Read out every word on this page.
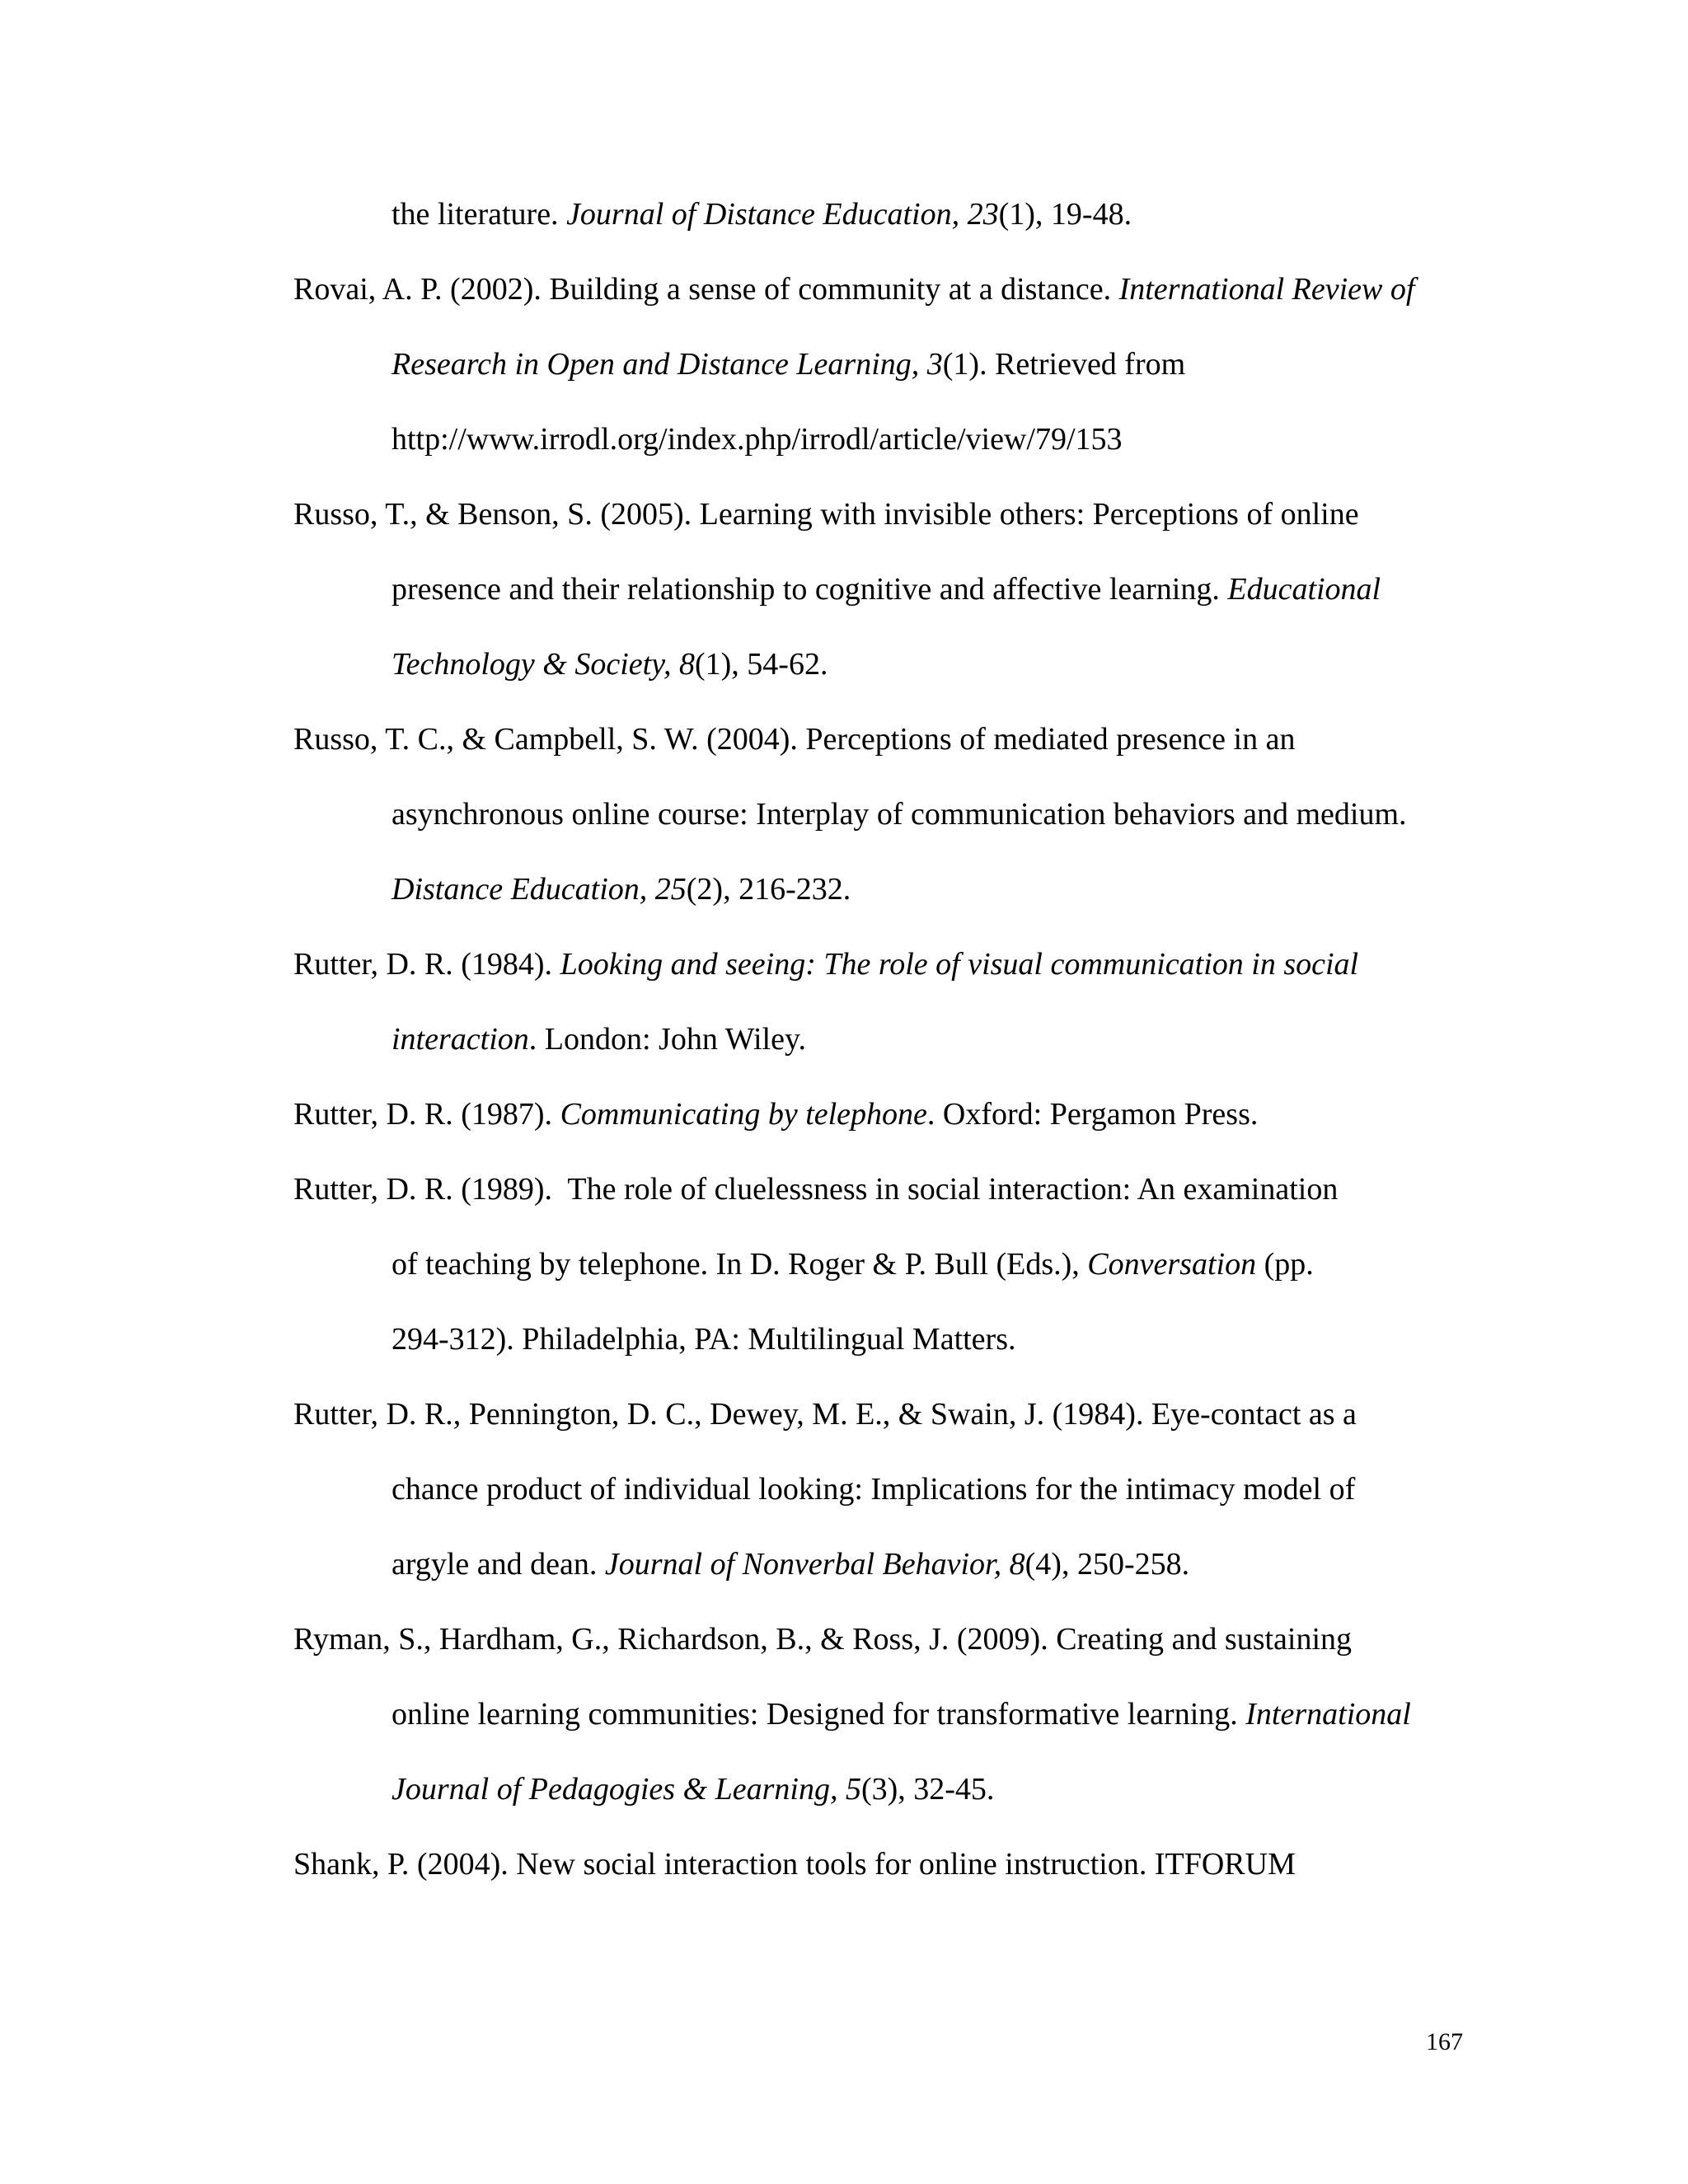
the literature. Journal of Distance Education, 23(1), 19-48.
Rovai, A. P. (2002). Building a sense of community at a distance. International Review of
Research in Open and Distance Learning, 3(1). Retrieved from
http://www.irrodl.org/index.php/irrodl/article/view/79/153
Russo, T., & Benson, S. (2005). Learning with invisible others: Perceptions of online
presence and their relationship to cognitive and affective learning. Educational
Technology & Society, 8(1), 54-62.
Russo, T. C., & Campbell, S. W. (2004). Perceptions of mediated presence in an
asynchronous online course: Interplay of communication behaviors and medium.
Distance Education, 25(2), 216-232.
Rutter, D. R. (1984). Looking and seeing: The role of visual communication in social
interaction. London: John Wiley.
Rutter, D. R. (1987). Communicating by telephone. Oxford: Pergamon Press.
Rutter, D. R. (1989).  The role of cluelessness in social interaction: An examination
of teaching by telephone. In D. Roger & P. Bull (Eds.), Conversation (pp.
294-312). Philadelphia, PA: Multilingual Matters.
Rutter, D. R., Pennington, D. C., Dewey, M. E., & Swain, J. (1984). Eye-contact as a
chance product of individual looking: Implications for the intimacy model of
argyle and dean. Journal of Nonverbal Behavior, 8(4), 250-258.
Ryman, S., Hardham, G., Richardson, B., & Ross, J. (2009). Creating and sustaining
online learning communities: Designed for transformative learning. International
Journal of Pedagogies & Learning, 5(3), 32-45.
Shank, P. (2004). New social interaction tools for online instruction. ITFORUM
167
